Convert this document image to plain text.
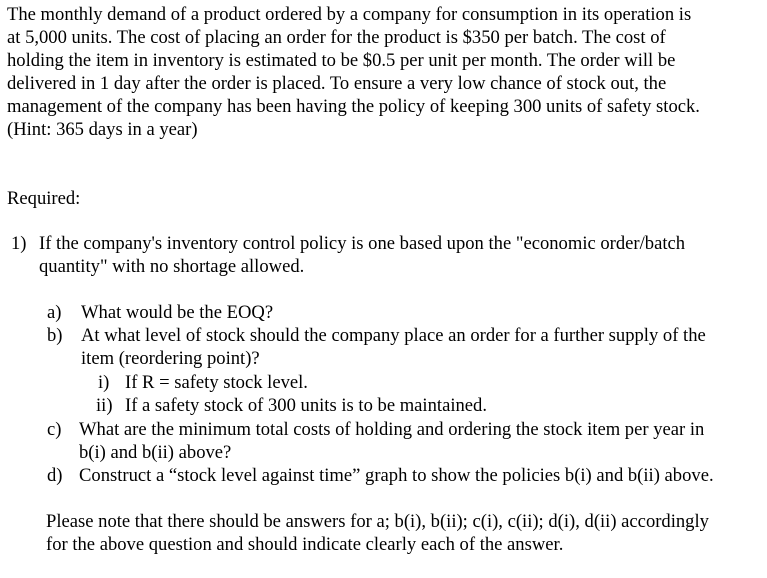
The monthly demand of a product ordered by a company for consumption in its operation is
at 5,000 units. The cost of placing an order for the product is $350 per batch. The cost of
holding the item in inventory is estimated to be $0.5 per unit per month. The order will be
delivered in 1 day after the order is placed. To ensure a very low chance of stock out, the
management of the company has been having the policy of keeping 300 units of safety stock.
(Hint: 365 days in a year)
Required:
1) If the company's inventory control policy is one based upon the "economic order/batch
quantity" with no shortage allowed.
a) What would be the EOQ?
b) At what level of stock should the company place an order for a further supply of the
item (reordering point)?
i) If R = safety stock level.
ii) If a safety stock of 300 units is to be maintained.
c) What are the minimum total costs of holding and ordering the stock item per year in
b(i) and b(ii) above?
d) Construct a “stock level against time” graph to show the policies b(i) and b(ii) above.
Please note that there should be answers for a; b(i), b(ii); c(i), c(ii); d(i), d(ii) accordingly
for the above question and should indicate clearly each of the answer.
